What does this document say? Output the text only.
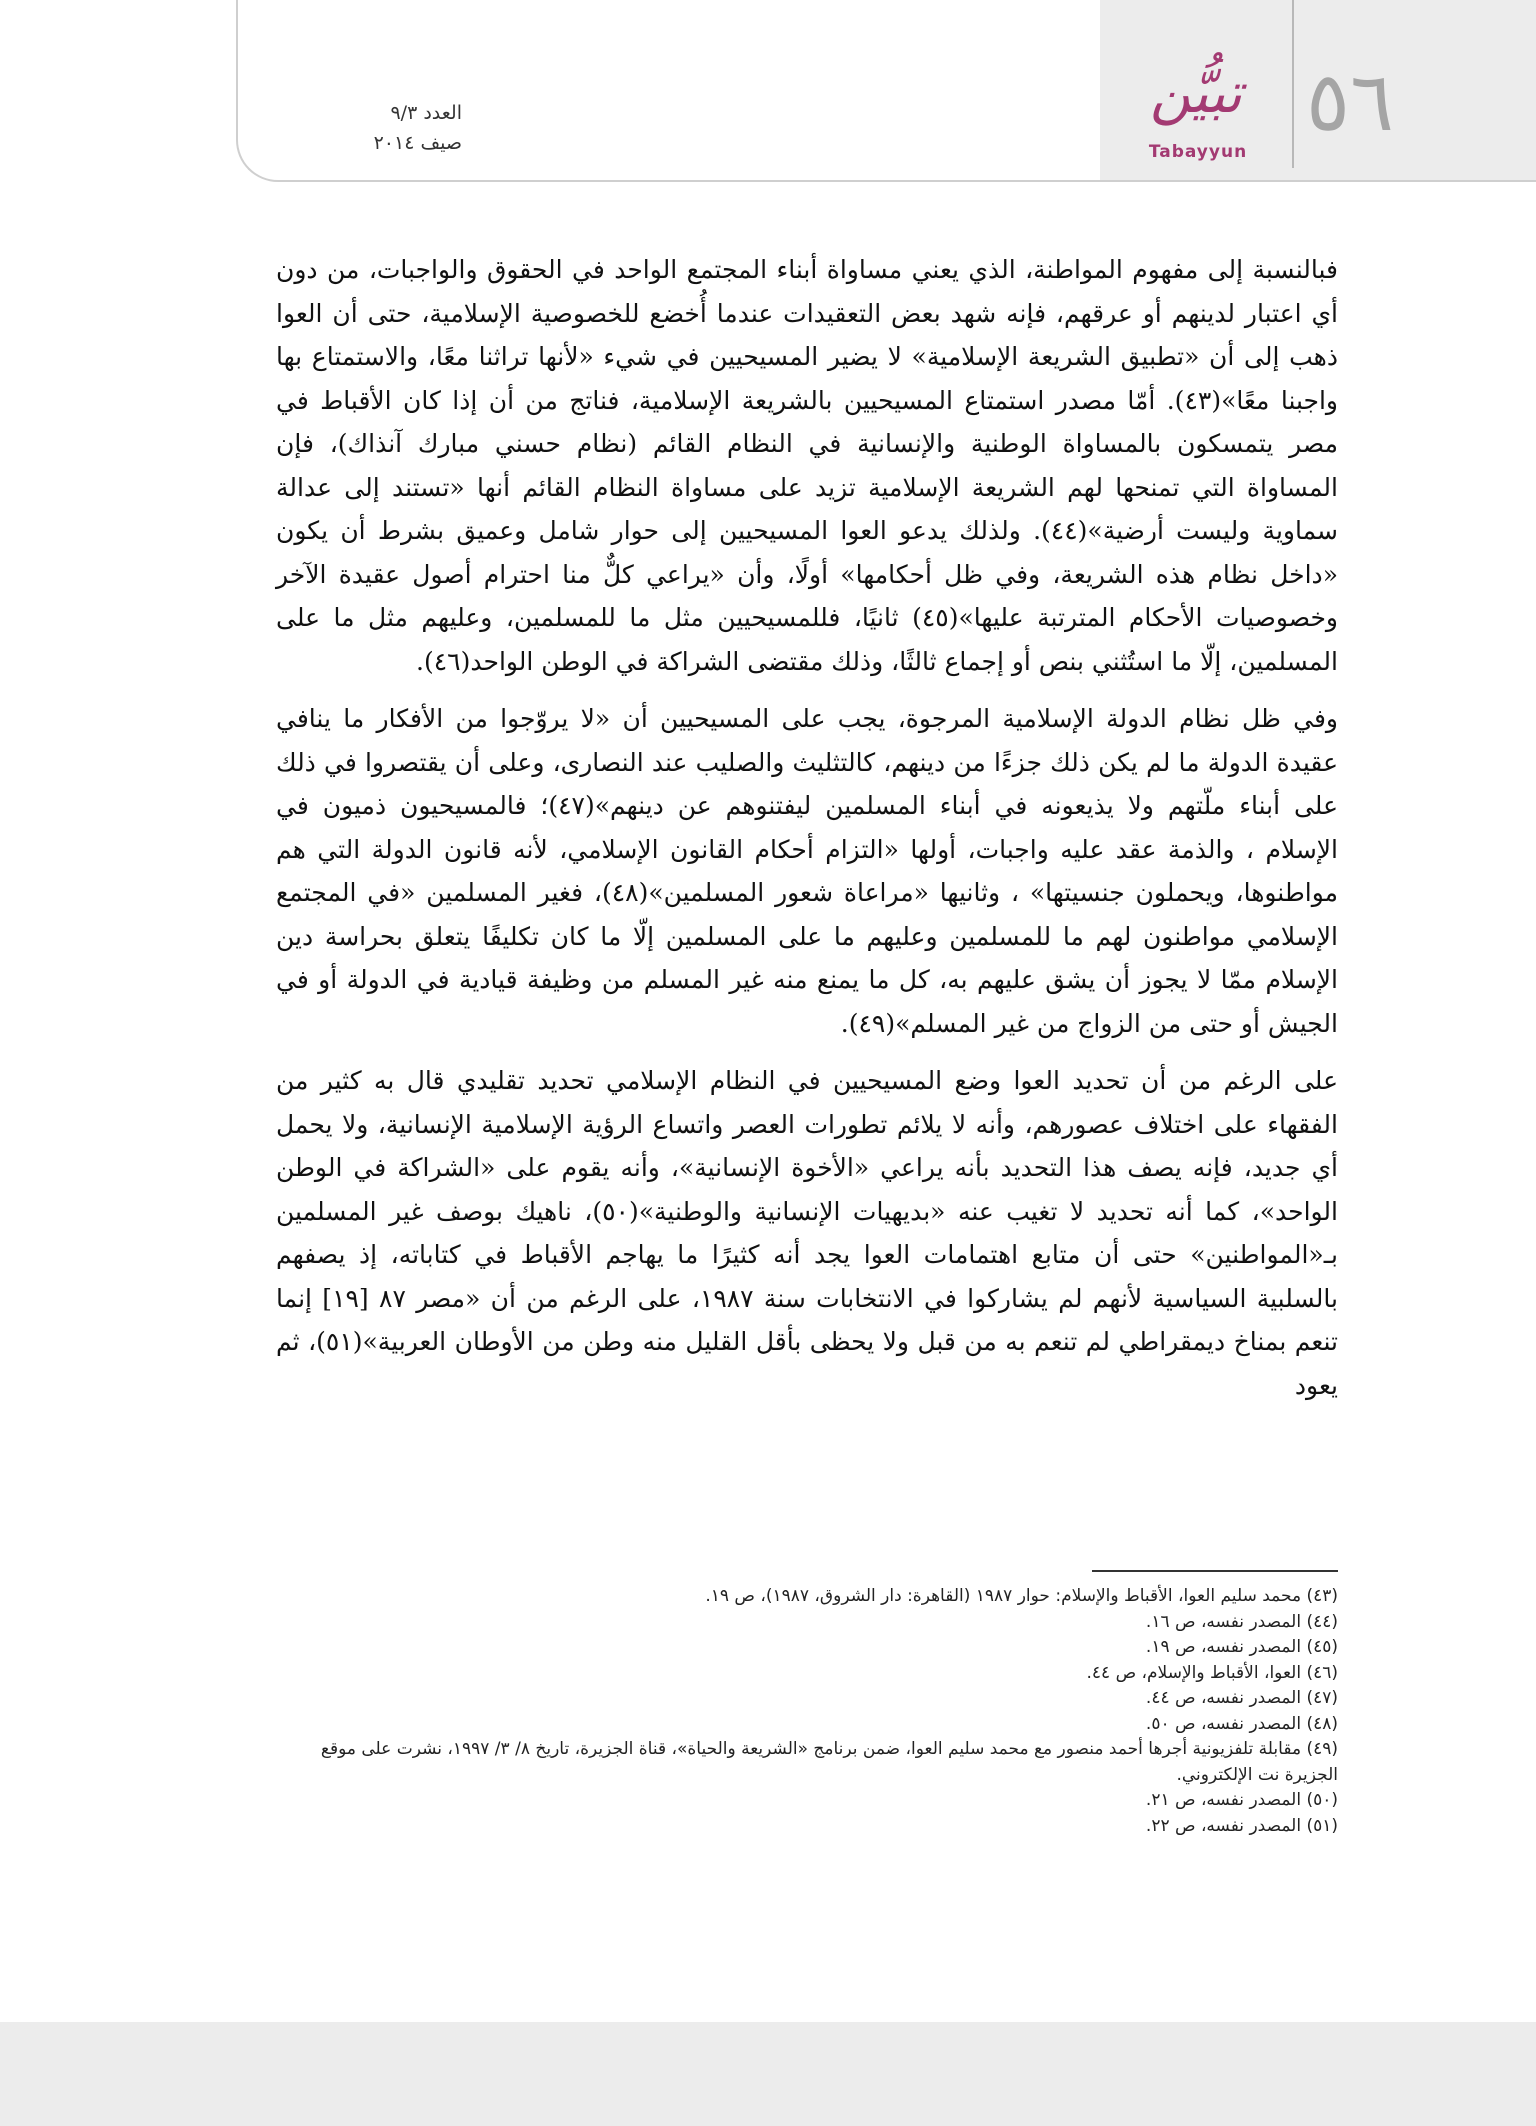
٥٦
تبيُّن
Tabayyun
العدد ٩/٣
صيف ٢٠١٤

فبالنسبة إلى مفهوم المواطنة، الذي يعني مساواة أبناء المجتمع الواحد في الحقوق والواجبات، من دون أي اعتبار لدينهم أو عرقهم، فإنه شهد بعض التعقيدات عندما أُخضع للخصوصية الإسلامية، حتى أن العوا ذهب إلى أن «تطبيق الشريعة الإسلامية» لا يضير المسيحيين في شيء «لأنها تراثنا معًا، والاستمتاع بها واجبنا معًا»(٤٣). أمّا مصدر استمتاع المسيحيين بالشريعة الإسلامية، فناتج من أن إذا كان الأقباط في مصر يتمسكون بالمساواة الوطنية والإنسانية في النظام القائم (نظام حسني مبارك آنذاك)، فإن المساواة التي تمنحها لهم الشريعة الإسلامية تزيد على مساواة النظام القائم أنها «تستند إلى عدالة سماوية وليست أرضية»(٤٤). ولذلك يدعو العوا المسيحيين إلى حوار شامل وعميق بشرط أن يكون «داخل نظام هذه الشريعة، وفي ظل أحكامها» أولًا، وأن «يراعي كلٌّ منا احترام أصول عقيدة الآخر وخصوصيات الأحكام المترتبة عليها»(٤٥) ثانيًا، فللمسيحيين مثل ما للمسلمين، وعليهم مثل ما على المسلمين، إلّا ما استُثني بنص أو إجماع ثالثًا، وذلك مقتضى الشراكة في الوطن الواحد(٤٦).

وفي ظل نظام الدولة الإسلامية المرجوة، يجب على المسيحيين أن «لا يروّجوا من الأفكار ما ينافي عقيدة الدولة ما لم يكن ذلك جزءًا من دينهم، كالتثليث والصليب عند النصارى، وعلى أن يقتصروا في ذلك على أبناء ملّتهم ولا يذيعونه في أبناء المسلمين ليفتنوهم عن دينهم»(٤٧)؛ فالمسيحيون ذميون في الإسلام ، والذمة عقد عليه واجبات، أولها «التزام أحكام القانون الإسلامي، لأنه قانون الدولة التي هم مواطنوها، ويحملون جنسيتها» ، وثانيها «مراعاة شعور المسلمين»(٤٨)، فغير المسلمين «في المجتمع الإسلامي مواطنون لهم ما للمسلمين وعليهم ما على المسلمين إلّا ما كان تكليفًا يتعلق بحراسة دين الإسلام ممّا لا يجوز أن يشق عليهم به، كل ما يمنع منه غير المسلم من وظيفة قيادية في الدولة أو في الجيش أو حتى من الزواج من غير المسلم»(٤٩).

على الرغم من أن تحديد العوا وضع المسيحيين في النظام الإسلامي تحديد تقليدي قال به كثير من الفقهاء على اختلاف عصورهم، وأنه لا يلائم تطورات العصر واتساع الرؤية الإسلامية الإنسانية، ولا يحمل أي جديد، فإنه يصف هذا التحديد بأنه يراعي «الأخوة الإنسانية»، وأنه يقوم على «الشراكة في الوطن الواحد»، كما أنه تحديد لا تغيب عنه «بديهيات الإنسانية والوطنية»(٥٠)، ناهيك بوصف غير المسلمين بـ«المواطنين» حتى أن متابع اهتمامات العوا يجد أنه كثيرًا ما يهاجم الأقباط في كتاباته، إذ يصفهم بالسلبية السياسية لأنهم لم يشاركوا في الانتخابات سنة ١٩٨٧، على الرغم من أن «مصر ٨٧ [١٩] إنما تنعم بمناخ ديمقراطي لم تنعم به من قبل ولا يحظى بأقل القليل منه وطن من الأوطان العربية»(٥١)، ثم يعود

(٤٣) محمد سليم العوا، الأقباط والإسلام: حوار ١٩٨٧ (القاهرة: دار الشروق، ١٩٨٧)، ص ١٩.

(٤٤) المصدر نفسه، ص ١٦.

(٤٥) المصدر نفسه، ص ١٩.

(٤٦) العوا، الأقباط والإسلام، ص ٤٤.

(٤٧) المصدر نفسه، ص ٤٤.

(٤٨) المصدر نفسه، ص ٥٠.

(٤٩) مقابلة تلفزيونية أجرها أحمد منصور مع محمد سليم العوا، ضمن برنامج «الشريعة والحياة»، قناة الجزيرة، تاريخ ٨/ ٣/ ١٩٩٧، نشرت على موقع الجزيرة نت الإلكتروني.

(٥٠) المصدر نفسه، ص ٢١.

(٥١) المصدر نفسه، ص ٢٢.
